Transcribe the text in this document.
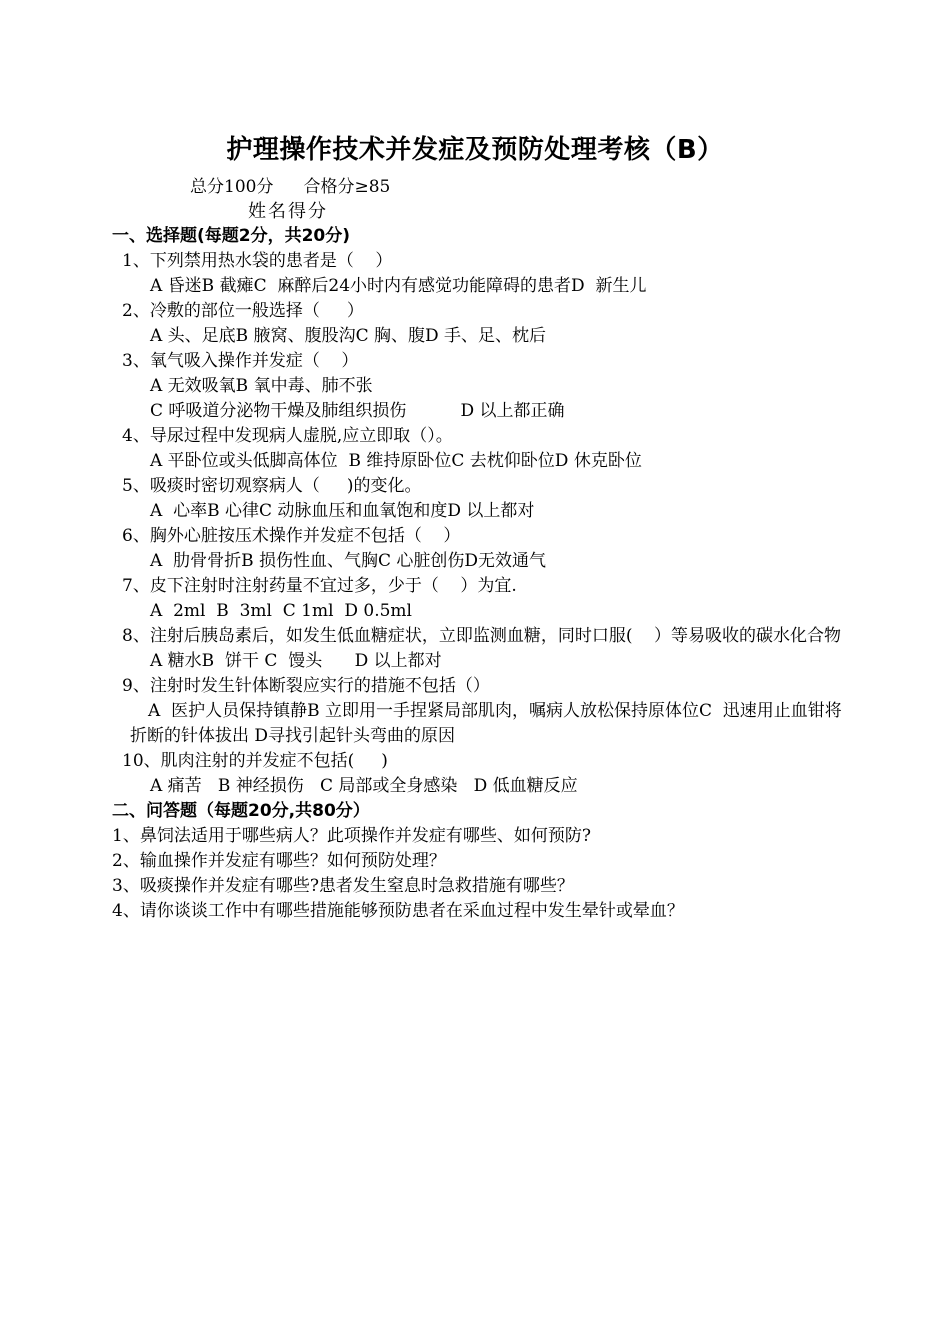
护理操作技术并发症及预防处理考核（B）
总分100分 合格分≥85
姓名得分
一、选择题(每题2分，共20分)
1、下列禁用热水袋的患者是（    ）
A 昏迷B 截瘫C  麻醉后24小时内有感觉功能障碍的患者D  新生儿
2、冷敷的部位一般选择（     ）
A 头、足底B 腋窝、腹股沟C 胸、腹D 手、足、枕后
3、氧气吸入操作并发症（    ）
A 无效吸氧B 氧中毒、肺不张
C 呼吸道分泌物干燥及肺组织损伤          D 以上都正确
4、导尿过程中发现病人虚脱,应立即取（）。
A 平卧位或头低脚高体位  B 维持原卧位C 去枕仰卧位D 休克卧位
5、吸痰时密切观察病人（     )的变化。
A  心率B 心律C 动脉血压和血氧饱和度D 以上都对
6、胸外心脏按压术操作并发症不包括（    ）
A  肋骨骨折B 损伤性血、气胸C 心脏创伤D无效通气
7、皮下注射时注射药量不宜过多，少于（    ）为宜.
A  2ml  B  3ml  C 1ml  D 0.5ml
8、注射后胰岛素后，如发生低血糖症状，立即监测血糖，同时口服(    ）等易吸收的碳水化合物
A 糖水B  饼干 C  馒头      D 以上都对
9、注射时发生针体断裂应实行的措施不包括（）
A  医护人员保持镇静B 立即用一手捏紧局部肌肉，嘱病人放松保持原体位C  迅速用止血钳将折断的针体拔出 D寻找引起针头弯曲的原因
10、肌肉注射的并发症不包括(     )
A 痛苦   B 神经损伤   C 局部或全身感染   D 低血糖反应
二、问答题（每题20分,共80分）
1、鼻饲法适用于哪些病人？此项操作并发症有哪些、如何预防?
2、输血操作并发症有哪些？如何预防处理？
3、吸痰操作并发症有哪些?患者发生窒息时急救措施有哪些？
4、请你谈谈工作中有哪些措施能够预防患者在采血过程中发生晕针或晕血？
